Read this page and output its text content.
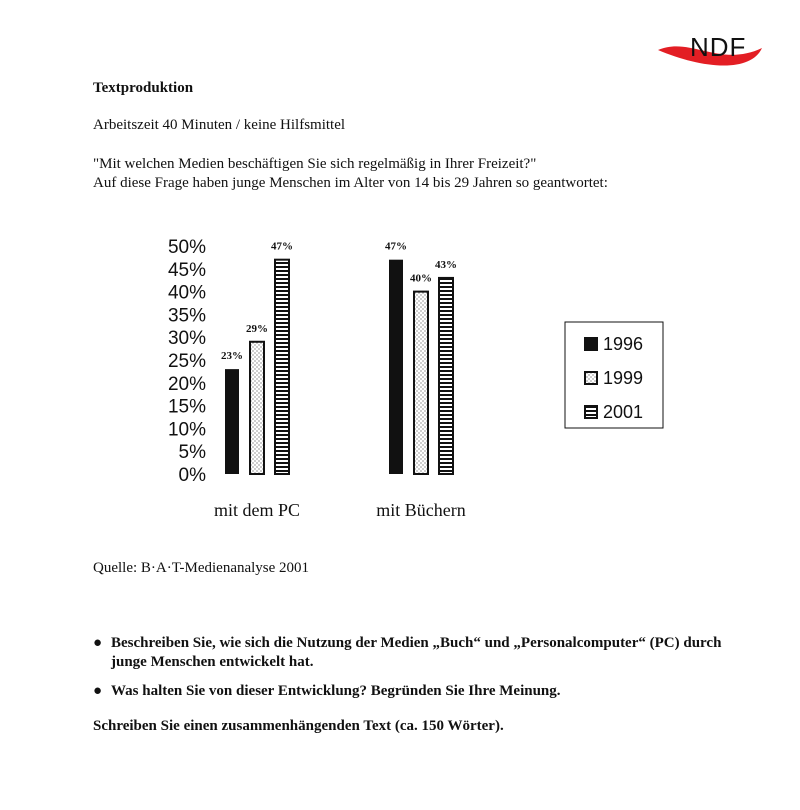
NDF
Textproduktion
Arbeitszeit 40 Minuten / keine Hilfsmittel
"Mit welchen Medien beschäftigen Sie sich regelmäßig in Ihrer Freizeit?"
Auf diese Frage haben junge Menschen im Alter von 14 bis 29 Jahren so geantwortet:
0%
5%
10%
15%
20%
25%
30%
35%
40%
45%
50%
23%
29%
47%	47%
40%
43%
mit dem PC	mit Büchern
1996
1999
2001
Quelle: B·A·T-Medienanalyse 2001
● Beschreiben Sie, wie sich die Nutzung der Medien „Buch“ und „Personalcomputer“ (PC) durch junge Menschen entwickelt hat.
● Was halten Sie von dieser Entwicklung? Begründen Sie Ihre Meinung.
Schreiben Sie einen zusammenhängenden Text (ca. 150 Wörter).
